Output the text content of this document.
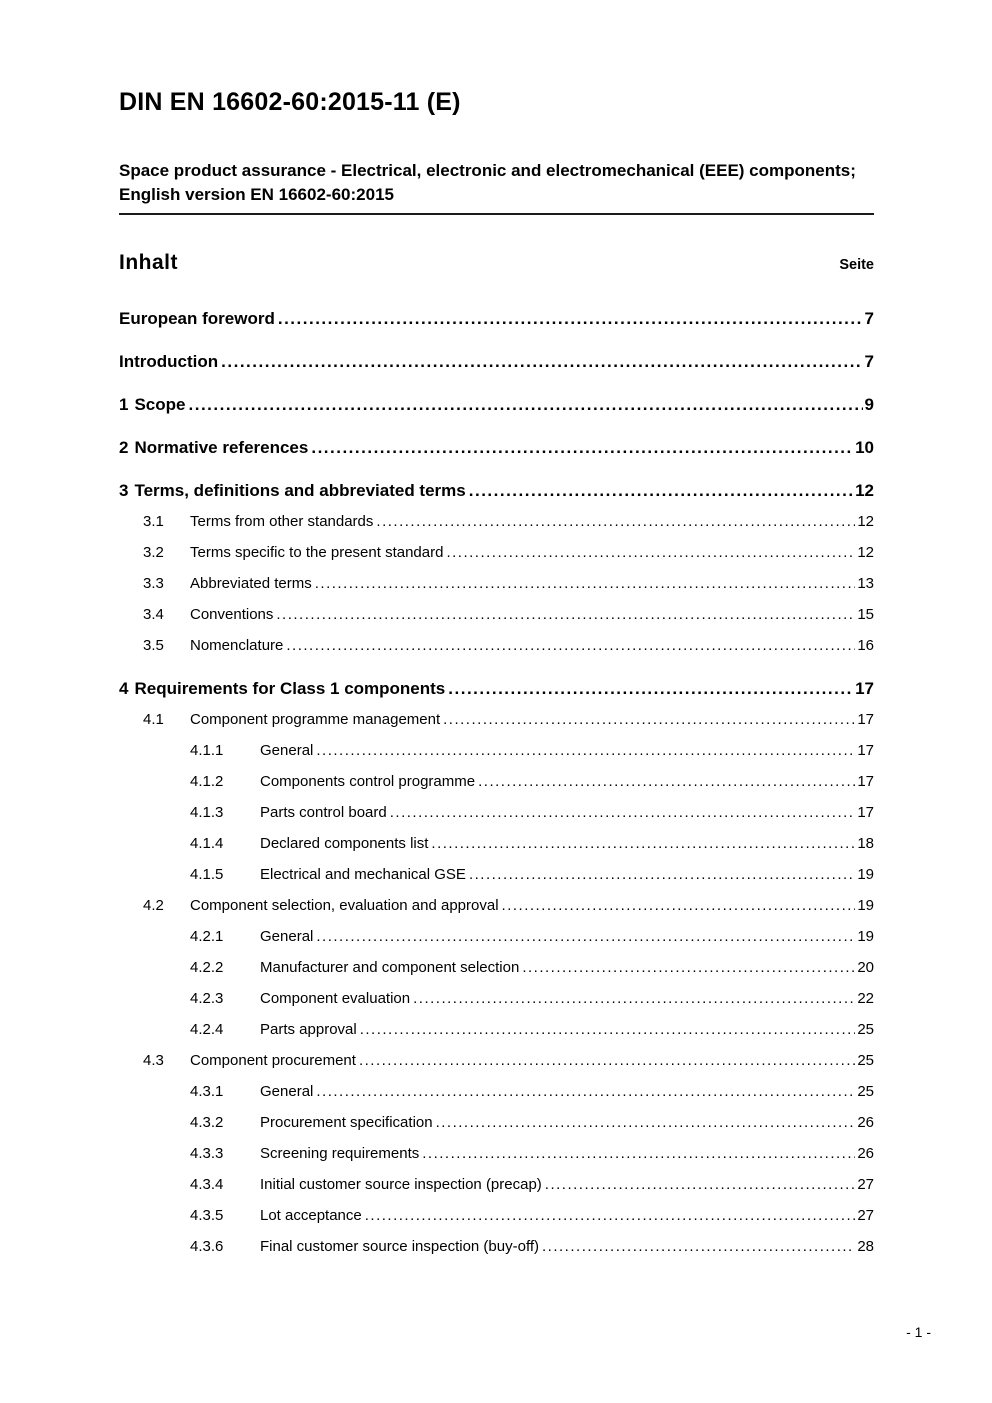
DIN EN 16602-60:2015-11 (E)
Space product assurance - Electrical, electronic and electromechanical (EEE) components; English version EN 16602-60:2015
Inhalt	Seite
European foreword .....	7
Introduction .....	7
1 Scope .....	9
2 Normative references .....	10
3 Terms, definitions and abbreviated terms .....	12
3.1	Terms from other standards .....	12
3.2	Terms specific to the present standard .....	12
3.3	Abbreviated terms .....	13
3.4	Conventions .....	15
3.5	Nomenclature .....	16
4 Requirements for Class 1 components .....	17
4.1	Component programme management .....	17
4.1.1	General .....	17
4.1.2	Components control programme .....	17
4.1.3	Parts control board .....	17
4.1.4	Declared components list .....	18
4.1.5	Electrical and mechanical GSE .....	19
4.2	Component selection, evaluation and approval .....	19
4.2.1	General .....	19
4.2.2	Manufacturer and component selection .....	20
4.2.3	Component evaluation .....	22
4.2.4	Parts approval .....	25
4.3	Component procurement .....	25
4.3.1	General .....	25
4.3.2	Procurement specification .....	26
4.3.3	Screening requirements .....	26
4.3.4	Initial customer source inspection (precap) .....	27
4.3.5	Lot acceptance .....	27
4.3.6	Final customer source inspection (buy-off) .....	28
- 1 -
